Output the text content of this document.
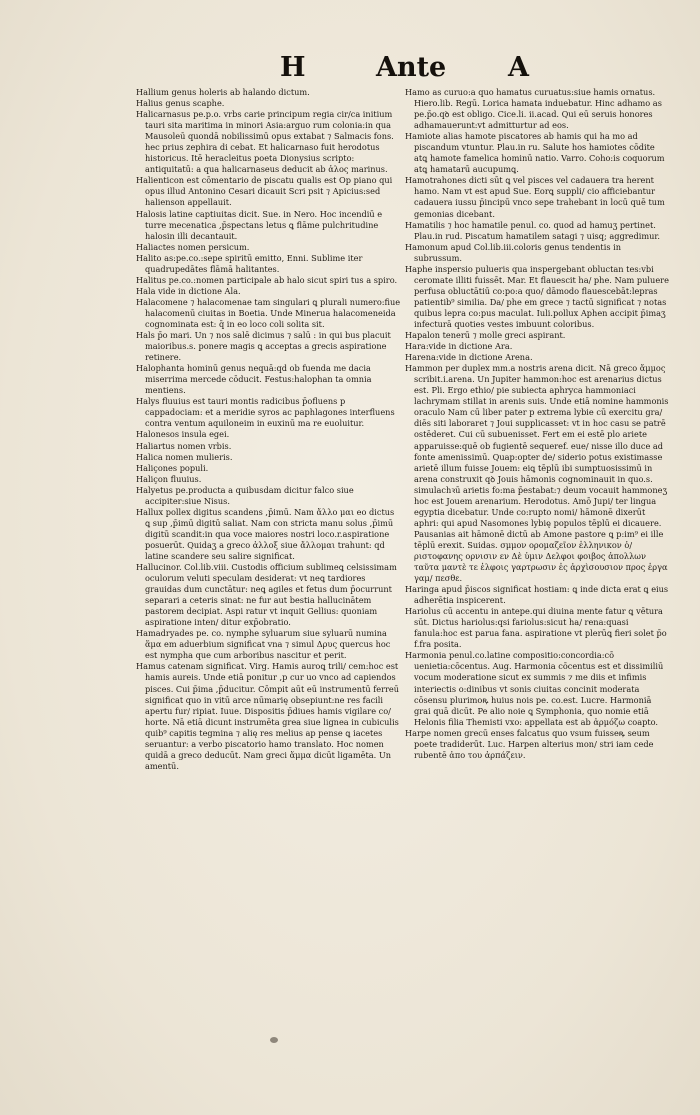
H	Ante A

Hallium genus holeris ab halando dictum.

Halius genus scaphe.

Halicarnasus pe.p.o. vrbs carie principum regia cir/ca initium tauri sita maritima in minori Asia:arguo rum colonia:in qua Mausoleū quondā nobilissimū opus extabat ⁊ Salmacis fons. hec prius zephira di cebat. Et halicarnaso fuit herodotus historicus. Itē heracleitus poeta Dionysius scripto: antiquitatū: a qua halicarnaseus deducit ab ἁλος marinus.

Halienticon est cōmentario de piscatu qualis est Op piano qui opus illud Antonino Cesari dicauit Scri psit ⁊ Apicius:sed halienson appellauit.

Halosis latine captiuitas dicit. Sue. in Nero. Hoc incendiū e turre mecenatica ,p̄spectans letus ꝗ flāme pulchritudine halosin illi decantauit.

Haliactes nomen persicum.

Halito as:pe.co.:sepe spiritū emitto, Enni. Sublime iter quadrupedātes flāmā halitantes.

Halitus pe.co.:nomen participale ab halo sicut spiri tus a spiro.

Hala vide in dictione Ala.

Halacomene ⁊ halacomenae tam singulari ꝗ plurali numero:fiue halacomenū ciuitas in Boetia. Unde Minerua halacomeneida cognominata est: q̄ in eo loco coli solita sit.

Hals p̄o mari. Un ⁊ nos salē dicimus ⁊ salū : in qui bus placuit maioribus.s. ponere magis ꝗ acceptas a grecis aspiratione retinere.

Halophanta hominū genus nequā:qd ob fuenda me dacia miserrima mercede cōducit. Festus:halophan ta omnia mentiens.

Halys fluuius est tauri montis radicibus p̄ofluens p cappadociam: et a meridie syros ac paphlagones interfluens contra ventum aquiloneim in euxinū ma re euoluitur.

Halonesos insula egei.

Haliartus nomen vrbis.

Halica nomen mulieris.

Haliçones populi.

Haliçon fluuius.

Halyetus pe.producta a quibusdam dicitur falco siue accipiter:siue Nisus.

Hallux pollex digitus scandens ,p̄imū. Nam ἄλλο μαι eo dictus ꝗ sup ,p̄imū digitū saliat. Nam con stricta manu solus ,p̄imū digitū scandit:in qua voce maiores nostri loco.r.aspiratione posuerūt. Quidaʒ a greco ἁλλοξ siue ἄλλομαι trahunt: qd latine scandere seu salire significat.

Hallucinor. Col.lib.viii. Custodis officium sublimeꝗ celsissimam oculorum veluti speculam desiderat: vt neꝗ tardiores grauidas dum cunctātur: neꝗ agiles et fetus dum p̄ocurrunt separari a ceteris sinat: ne fur aut bestia hallucinātem pastorem decipiat. Aspi ratur vt inquit Gellius: quoniam aspiratione inten/ ditur exp̄obratio.

Hamadryades pe. co. nymphe syluarum siue syluarū numina ἅμα em aduerbium significat vna ⁊ simul Δρυς quercus hoc est nympha que cum arboribus nascitur et perit.

Hamus catenam significat. Virg. Hamis auroꝗ trili/ cem:hoc est hamis aureis. Unde etiā ponitur ,p cur uo vnco ad capiendos pisces. Cui p̄ima ,p̄ducitur. Cōmpit aūt eū instrumentū ferreū significat quo in vitū arce nūmarię obsepiunt:ne res facili apertu fur/ ripiat. Iuue. Dispositis p̄diues hamis vigilare co/ horte. Nā etiā dicunt instrumēta grea siue lignea in cubiculis quib⁹ capitis tegmina ⁊ alię res melius ap pense ꝗ iacetes seruantur: a verbo piscatorio hamo translato. Hoc nomen quidā a greco deducūt. Nam greci ἅμμα dicūt ligamēta. Un amentū.

Hamo as curuo:a quo hamatus curuatus:siue hamis ornatus. Hiero.lib. Regū. Lorica hamata induebatur. Hinc adhamo as pe.p̄o.qꝺ est obligo. Cice.li. ii.acad. Qui eū seruis honores adhamauerunt:vt admitturtur ad eos.

Hamiote alias hamote piscatores ab hamis qui ha mo ad piscandum vtuntur. Plau.in ru. Salute hos hamiotes cōdite atꝗ hamote famelica hominū natio. Varro. Coho:is coquorum atꝗ hamatarū aucupumꝗ.

Hamotrahones dicti sūt ꝗ vel pisces vel cadauera tra herent hamo. Nam vt est apud Sue. Eorꝗ suppli/ cio afficiebantur cadauera iussu p̄incipū vnco sepe trahebant in locū quē tum gemonias dicebant.

Hamatilis ⁊ hoc hamatile penul. co. quod ad hamuʒ pertinet. Plau.in rud. Piscatum hamatilem satagi ⁊ uisq; aggredimur.

Hamonum apud Col.lib.iii.coloris genus tendentis in subrussum.

Haphe inspersio pulueris qua inspergebant obluctan tes:vbi ceromate illiti fuissēt. Mar. Et flauescit ha/ phe. Nam puluere perfusa obluctātiū co:po:a quo/ dāmodo flauescebāt:lepras patientib⁹ similia. Da/ phe em grece ⁊ tactū significat ⁊ notas quibus lepra co:pus maculat. Iuli.pollux Aphen accipit p̄imaʒ infecturā quoties vestes imbuunt coloribus.

Hapalon tenerū ⁊ molle greci aspirant.

Hara:vide in dictione Ara.

Harena:vide in dictione Arena.

Hammon per duplex mm.a nostris arena dicit. Nā greco ἄμμος scribit.i.arena. Un Jupiter hammon:hoc est arenarius dictus est. Pli. Ergo ethio/ pie subiecta aphryca hammoniaci lachrymam stillat in arenis suis. Unde etiā nomine hammonis oraculo Nam cū liber pater p extrema lybie cū exercitu gra/ diēs siti laboraret ⁊ Joui supplicasset: vt in hoc casu se patrē ostēderet. Cui cū subuenisset. Fert em ei estē plo ariete apparuisse:quē ob fugientē sequeref. eue/ nisse illo duce ad fonte amenissimū. Quap:opter de/ siderio potus existimasse arietē illum fuisse Jouem: eiꝗ tēplū ibi sumptuosissimū in arena construxit qꝺ Jouis hāmonis cognominauit in quo.s. simulachꝛū arietis fo:ma p̄estabat:⁊ deum vocauit hammoneʒ hoc est Jouem arenarium. Herodotus. Amō Jupi/ ter lingua egyptia dicebatur. Unde co:rupto nomi/ hāmonē dixerūt aphri: qui apud Nasomones lybię populos tēplū ei dicauere. Pausanias ait hāmonē dictū ab Amone pastore ꝗ p:im⁹ ei ille tēplū erexit. Suidas. σμμον ορομαζεῖον ἑλληνικον ὁ/ ριστοφανης ορνισιν εν Δὲ ὑμιν Δελφοι φοιβος ἀπολλων ταῦτα μαντὲ τε ἐλφοις γαρτρωσιν ἐς ἀρχὶσουσιον προς ἐργα γαμ/ πεσθε.

Haringa apud p̄iscos significat hostiam: ꝗ inde dicta erat ꝗ eius adherētia inspicerent.

Hariolus cū accentu in antepe.qui diuina mente fatur ꝗ vētura sūt. Dictus hariolus:qsi fariolus:sicut ha/ rena:quasi fanula:hoc est parua fana. aspiratione vt plerūꝗ fieri solet p̄o f.fra posita.

Harmonia penul.co.latine compositio:concordia:cō uenietia:cōcentus. Aug. Harmonia cōcentus est et dissimiliū vocum moderatione sicut ex summis ⁊ me diis et infimis interiectis o:dinibus vt sonis ciuitas concinit moderata cōsensu plurimoꝶ huius nois pe. co.est. Lucre. Harmoniā grai quā dicūt. Pe alio noie ꝗ Symphonia, quo nomie etiā Helonis filia Themisti vxo: appellata est ab ἀρμόζω coapto.

Harpe nomen grecū enses falcatus quo vsum fuisseꝶ seum poete tradiderūt. Luc. Harpen alterius mon/ stri iam cede rubentē ἀπο του ἀρπάζειν.
